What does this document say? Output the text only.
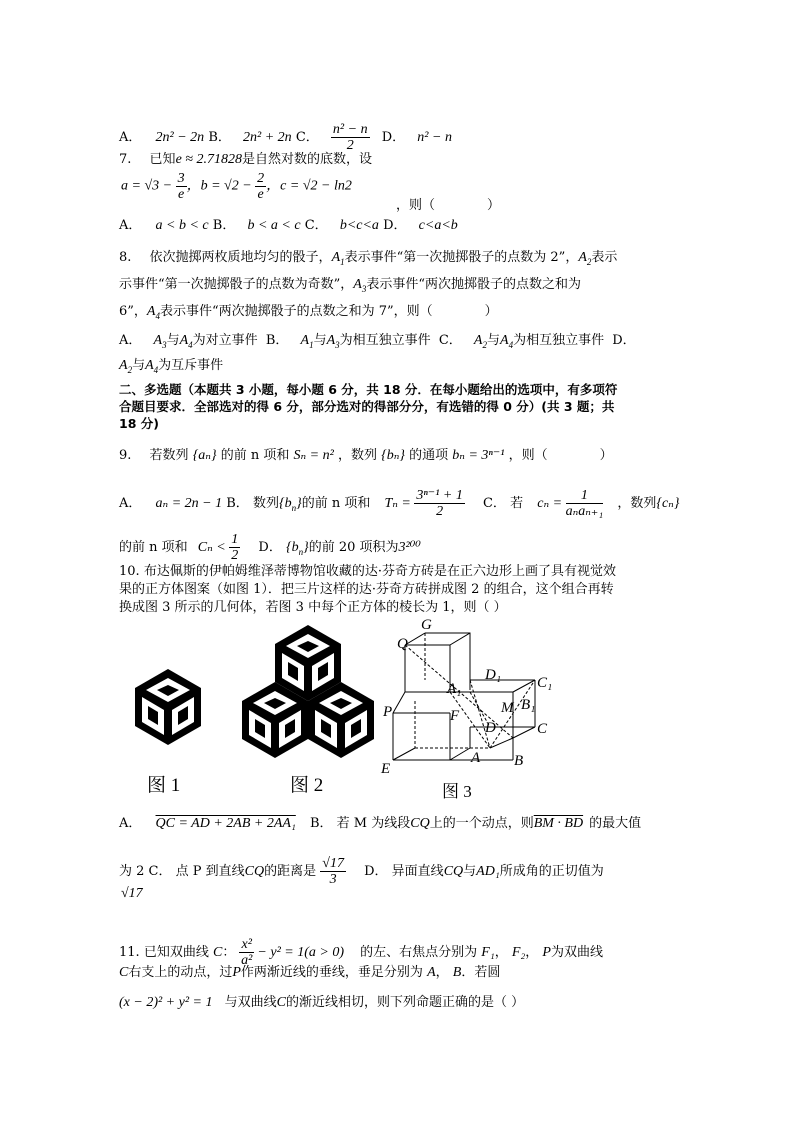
A． 2n² − 2n B． 2n² + 2n C． $\frac{\text{n² − n}}{2}$ D． n² − n
7. 已知e ≈ 2.71828是自然对数的底数，设
$a = √3 - \frac{3}{e}$ ，$b = √2 - \frac{2}{e}$ ，c = √2 − ln2
A． a < b < c B． b < a < c C． b<c<a D． c<a<b
，则（　　　　）
8. 依次抛掷两枚质地均匀的骰子，$A_1$表示事件“第一次抛掷骰子的点数为 2”，$A_2$表示
示事件“第一次抛掷骰子的点数为奇数”，$A_3$表示事件“两次抛掷骰子的点数之和为
6”，$A_4$表示事件“两次抛掷骰子的点数之和为 7”，则（　　　　）
A． $A_3$与$A_4$为对立事件 B． $A_1$与$A_3$为相互独立事件 C． $A_2$与$A_4$为相互独立事件 D．
$A_2$与$A_4$为互斥事件
二、多选题（本题共 3 小题，每小题 6 分，共 18 分．在每小题给出的选项中，有多项符
合题目要求．全部选对的得 6 分，部分选对的得部分分，有选错的得 0 分）(共 3 题；共
18 分)
9. 若数列 {aₙ} 的前 n 项和 Sₙ = n² ，数列 {bₙ} 的通项 bₙ = 3ⁿ⁻¹ ，则（　　　　）
A． aₙ = 2n − 1 B． 数列$\{b_n\}$的前 n 项和 $T_n = \frac{\text{3ⁿ⁻¹ + 1}}{2}$ C． 若 $c_n = \frac{1}{\text{aₙaₙ₊₁}}$ ，数列{cₙ}
的前 n 项和 $C_n < \frac{1}{2}$ D． $\{b_n\}$的前 20 项积为3²⁰⁰
10. 布达佩斯的伊帕姆维泽蒂博物馆收藏的达·芬奇方砖是在正六边形上画了具有视觉效
果的正方体图案（如图 1）．把三片这样的达·芬奇方砖拼成图 2 的组合，这个组合再转
换成图 3 所示的几何体，若图 3 中每个正方体的棱长为 1，则（ ）
图 1	图 2	图 3
G
Q
D₁ C₁
A₁
B₁
M
P	F
D	C
E
A B
A． QC = AD + 2AB + 2AA₁ B． 若 M 为线段CQ上的一个动点，则BM · BD 的最大值
为 2 C． 点 P 到直线CQ的距离是 $\frac{√17}{3}$ D． 异面直线CQ与AD₁所成角的正切值为
√17
11. 已知双曲线 C： $\frac{\text{x²}}{\text{a²}} - y^2 = 1(a > 0)$ 的左、右焦点分别为 F₁， F₂， P为双曲线
C右支上的动点，过P作两渐近线的垂线，垂足分别为 A， B．若圆
(x − 2)² + y² = 1 与双曲线C的渐近线相切，则下列命题正确的是（ ）
